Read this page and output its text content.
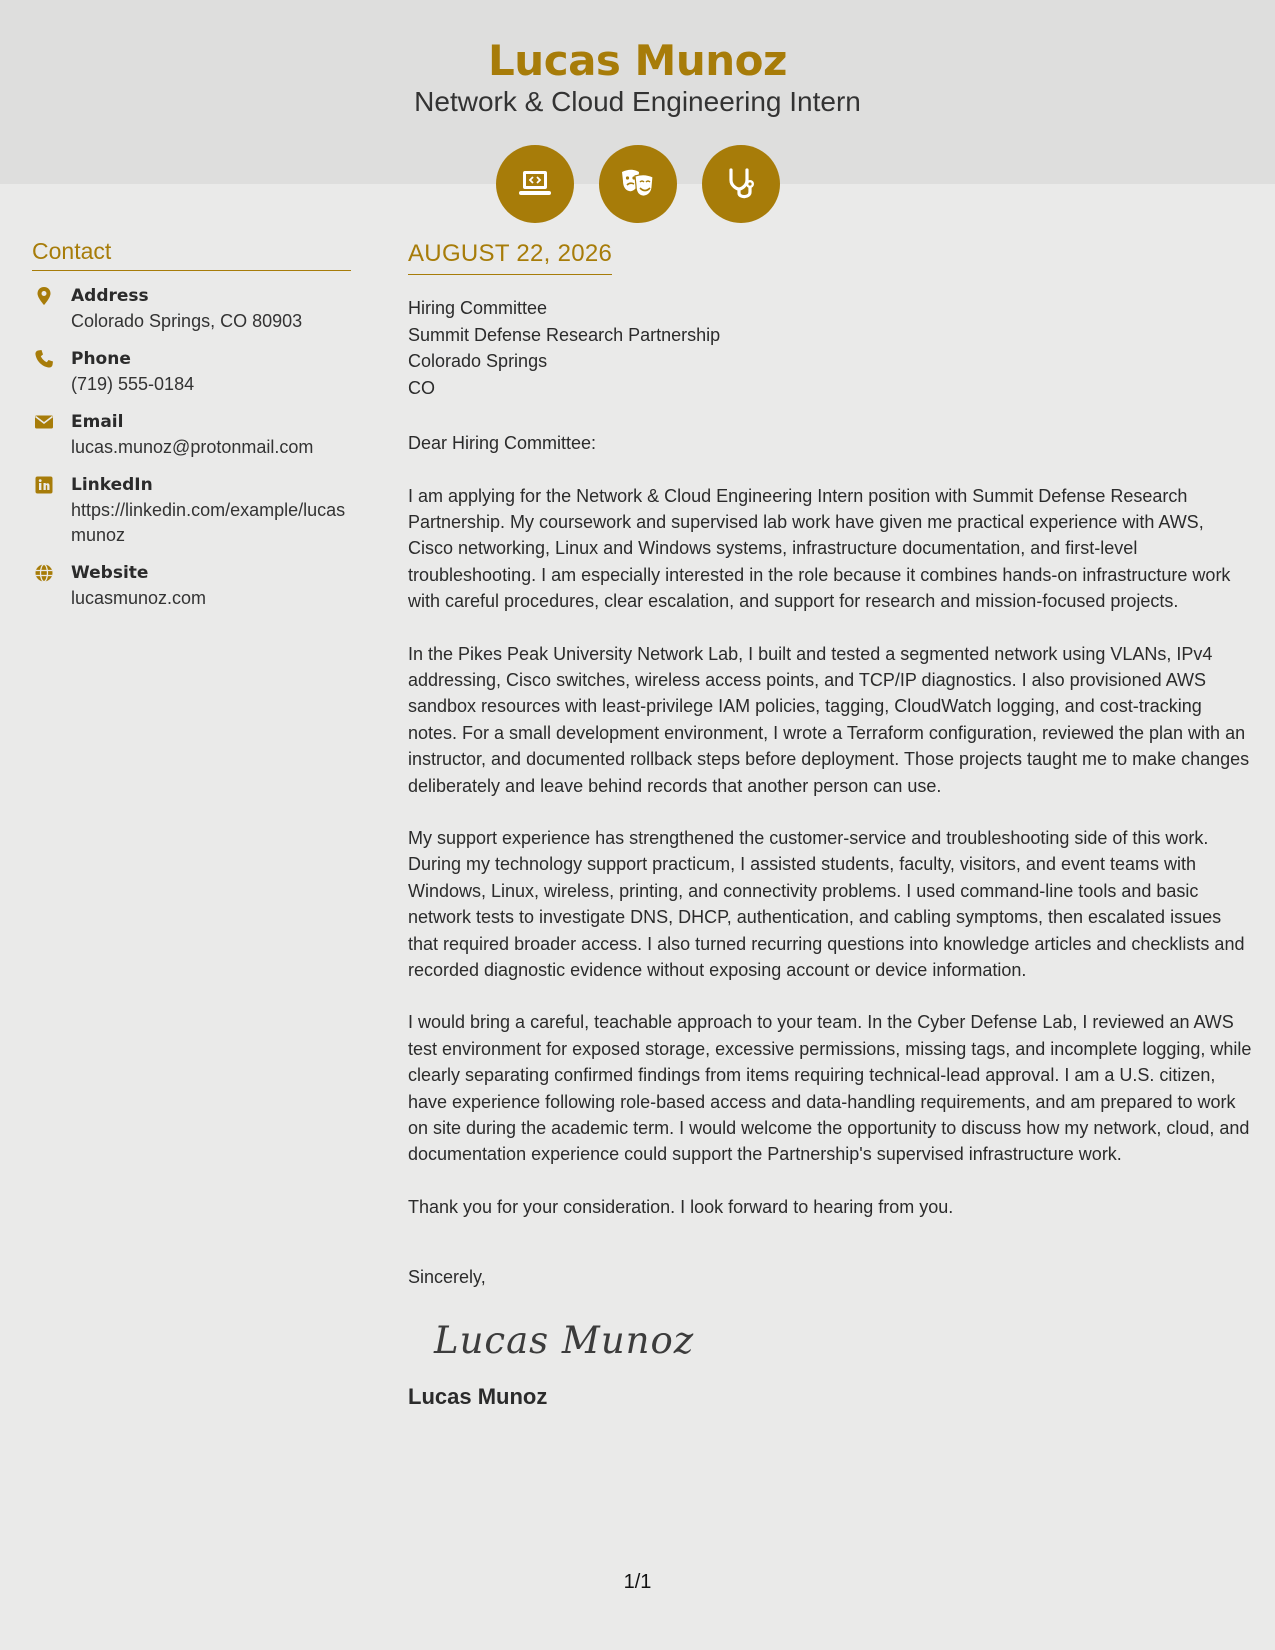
Lucas Munoz
Network & Cloud Engineering Intern
Contact
Address
Colorado Springs, CO 80903
Phone
(719) 555-0184
Email
lucas.munoz@protonmail.com
LinkedIn
https://linkedin.com/example/lucasmunoz
Website
lucasmunoz.com
AUGUST 22, 2026
Hiring Committee
Summit Defense Research Partnership
Colorado Springs
CO
Dear Hiring Committee:
I am applying for the Network & Cloud Engineering Intern position with Summit Defense Research Partnership. My coursework and supervised lab work have given me practical experience with AWS, Cisco networking, Linux and Windows systems, infrastructure documentation, and first-level troubleshooting. I am especially interested in the role because it combines hands-on infrastructure work with careful procedures, clear escalation, and support for research and mission-focused projects.
In the Pikes Peak University Network Lab, I built and tested a segmented network using VLANs, IPv4 addressing, Cisco switches, wireless access points, and TCP/IP diagnostics. I also provisioned AWS sandbox resources with least-privilege IAM policies, tagging, CloudWatch logging, and cost-tracking notes. For a small development environment, I wrote a Terraform configuration, reviewed the plan with an instructor, and documented rollback steps before deployment. Those projects taught me to make changes deliberately and leave behind records that another person can use.
My support experience has strengthened the customer-service and troubleshooting side of this work. During my technology support practicum, I assisted students, faculty, visitors, and event teams with Windows, Linux, wireless, printing, and connectivity problems. I used command-line tools and basic network tests to investigate DNS, DHCP, authentication, and cabling symptoms, then escalated issues that required broader access. I also turned recurring questions into knowledge articles and checklists and recorded diagnostic evidence without exposing account or device information.
I would bring a careful, teachable approach to your team. In the Cyber Defense Lab, I reviewed an AWS test environment for exposed storage, excessive permissions, missing tags, and incomplete logging, while clearly separating confirmed findings from items requiring technical-lead approval. I am a U.S. citizen, have experience following role-based access and data-handling requirements, and am prepared to work on site during the academic term. I would welcome the opportunity to discuss how my network, cloud, and documentation experience could support the Partnership's supervised infrastructure work.
Thank you for your consideration. I look forward to hearing from you.
Sincerely,
Lucas Munoz
Lucas Munoz
1/1
